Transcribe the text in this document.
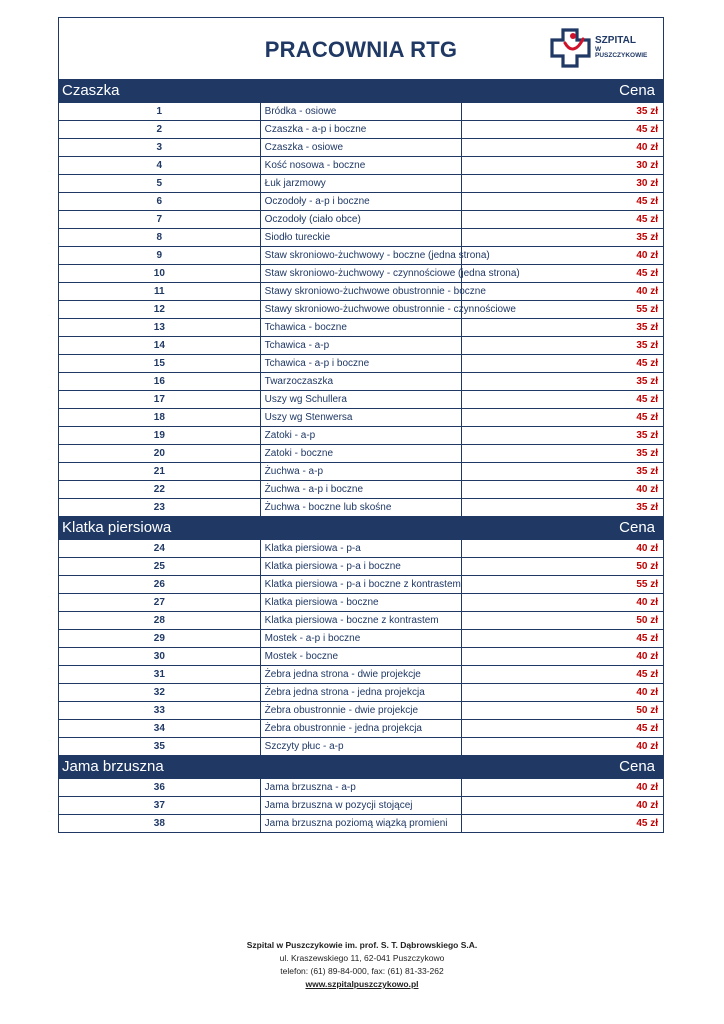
PRACOWNIA RTG	SZPITAL
W PUSZCZYKOWIE
Czaszka		Cena
1	Bródka - osiowe	35 zł
2	Czaszka - a-p i boczne	45 zł
3	Czaszka - osiowe	40 zł
4	Kość nosowa - boczne	30 zł
5	Łuk jarzmowy	30 zł
6	Oczodoły - a-p i boczne	45 zł
7	Oczodoły (ciało obce)	45 zł
8	Siodło tureckie	35 zł
9	Staw skroniowo-żuchwowy - boczne (jedna strona)	40 zł
10	Staw skroniowo-żuchwowy - czynnościowe (jedna strona)	45 zł
11	Stawy skroniowo-żuchwowe obustronnie - boczne	40 zł
12	Stawy skroniowo-żuchwowe obustronnie - czynnościowe	55 zł
13	Tchawica - boczne	35 zł
14	Tchawica - a-p	35 zł
15	Tchawica - a-p i boczne	45 zł
16	Twarzoczaszka	35 zł
17	Uszy wg Schullera	45 zł
18	Uszy wg Stenwersa	45 zł
19	Zatoki - a-p	35 zł
20	Zatoki - boczne	35 zł
21	Żuchwa - a-p	35 zł
22	Żuchwa - a-p i boczne	40 zł
23	Żuchwa - boczne lub skośne	35 zł
Klatka piersiowa		Cena
24	Klatka piersiowa - p-a	40 zł
25	Klatka piersiowa - p-a i boczne	50 zł
26	Klatka piersiowa - p-a i boczne z kontrastem	55 zł
27	Klatka piersiowa - boczne	40 zł
28	Klatka piersiowa - boczne z kontrastem	50 zł
29	Mostek - a-p i boczne	45 zł
30	Mostek - boczne	40 zł
31	Żebra jedna strona - dwie projekcje	45 zł
32	Żebra jedna strona - jedna projekcja	40 zł
33	Żebra obustronnie - dwie projekcje	50 zł
34	Żebra obustronnie - jedna projekcja	45 zł
35	Szczyty płuc - a-p	40 zł
Jama brzuszna		Cena
36	Jama brzuszna - a-p	40 zł
37	Jama brzuszna w pozycji stojącej	40 zł
38	Jama brzuszna poziomą wiązką promieni	45 zł
Szpital w Puszczykowie im. prof. S. T. Dąbrowskiego S.A.
ul. Kraszewskiego 11, 62-041 Puszczykowo
telefon: (61) 89-84-000, fax: (61) 81-33-262
www.szpitalpuszczykowo.pl
